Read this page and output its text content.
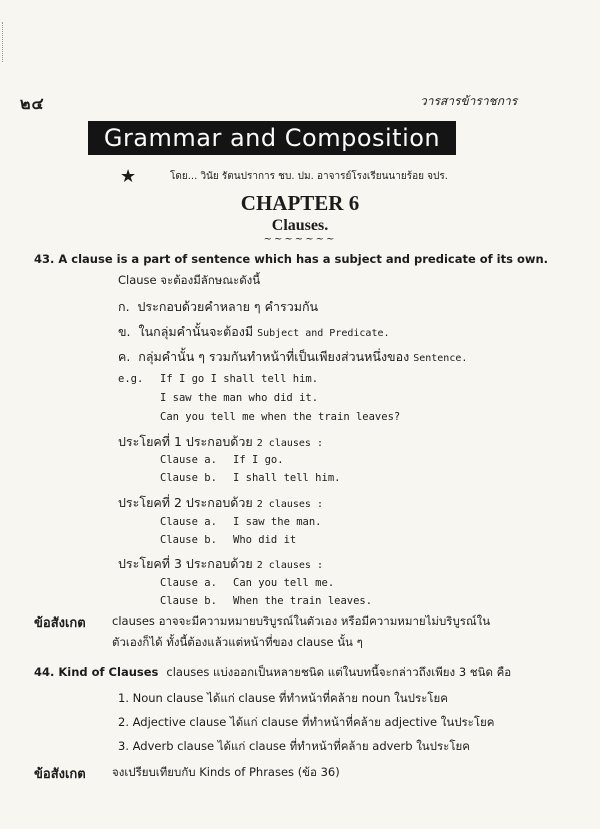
๒๔	วารสารข้าราชการ
Grammar and Composition
★	โดย... วินัย รัตนปราการ ชบ. ปม. อาจารย์โรงเรียนนายร้อย จปร.
CHAPTER 6
Clauses.
~~~~~~~
43. A clause is a part of sentence which has a subject and predicate of its own.
Clause จะต้องมีลักษณะดังนี้
ก. ประกอบด้วยคำหลาย ๆ คำรวมกัน
ข. ในกลุ่มคำนั้นจะต้องมี Subject and Predicate.
ค. กลุ่มคำนั้น ๆ รวมกันทำหน้าที่เป็นเพียงส่วนหนึ่งของ Sentence.
e.g. If I go I shall tell him.
I saw the man who did it.
Can you tell me when the train leaves?
ประโยคที่ 1 ประกอบด้วย 2 clauses :
Clause a. If I go.
Clause b. I shall tell him.
ประโยคที่ 2 ประกอบด้วย 2 clauses :
Clause a. I saw the man.
Clause b. Who did it
ประโยคที่ 3 ประกอบด้วย 2 clauses :
Clause a. Can you tell me.
Clause b. When the train leaves.
ข้อสังเกต clauses อาจจะมีความหมายบริบูรณ์ในตัวเอง หรือมีความหมายไม่บริบูรณ์ใน
ตัวเองก็ได้ ทั้งนี้ต้องแล้วแต่หน้าที่ของ clause นั้น ๆ
44. Kind of Clauses clauses แบ่งออกเป็นหลายชนิด แต่ในบทนี้จะกล่าวถึงเพียง 3 ชนิด คือ
1. Noun clause ได้แก่ clause ที่ทำหน้าที่คล้าย noun ในประโยค
2. Adjective clause ได้แก่ clause ที่ทำหน้าที่คล้าย adjective ในประโยค
3. Adverb clause ได้แก่ clause ที่ทำหน้าที่คล้าย adverb ในประโยค
ข้อสังเกต จงเปรียบเทียบกับ Kinds of Phrases (ข้อ 36)
